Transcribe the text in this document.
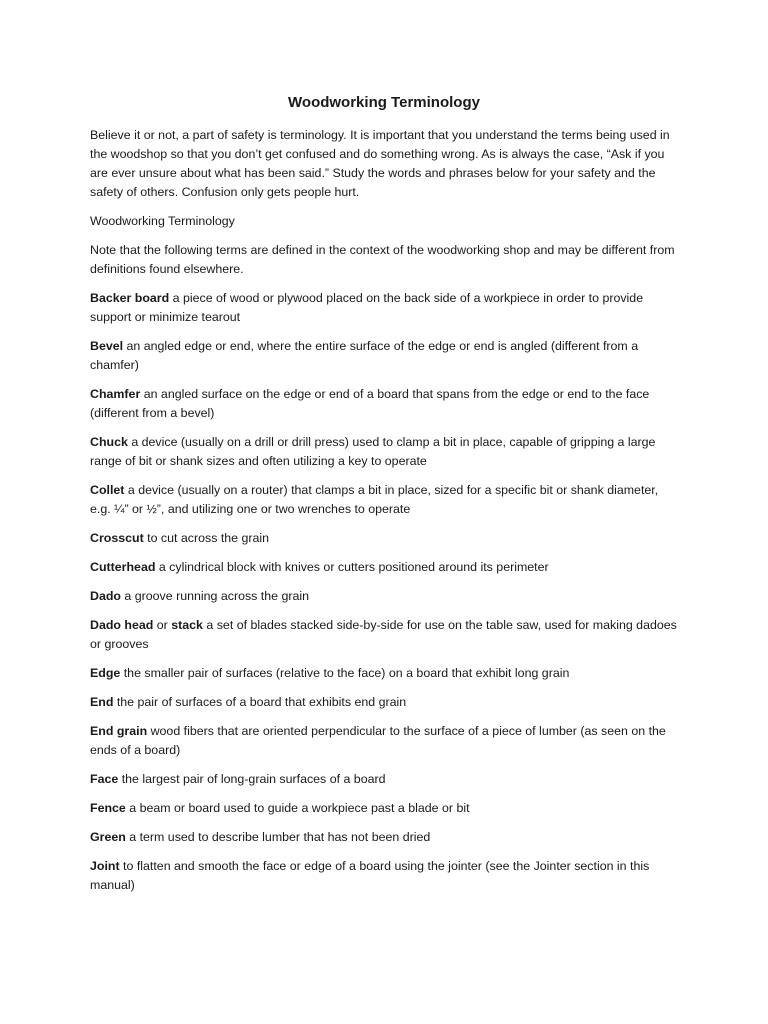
Woodworking Terminology

Believe it or not, a part of safety is terminology. It is important that you understand the terms being used in the woodshop so that you don’t get confused and do something wrong. As is always the case, “Ask if you are ever unsure about what has been said.” Study the words and phrases below for your safety and the safety of others. Confusion only gets people hurt.

Woodworking Terminology

Note that the following terms are defined in the context of the woodworking shop and may be different from definitions found elsewhere.

Backer board a piece of wood or plywood placed on the back side of a workpiece in order to provide support or minimize tearout

Bevel an angled edge or end, where the entire surface of the edge or end is angled (different from a chamfer)

Chamfer an angled surface on the edge or end of a board that spans from the edge or end to the face (different from a bevel)

Chuck a device (usually on a drill or drill press) used to clamp a bit in place, capable of gripping a large range of bit or shank sizes and often utilizing a key to operate

Collet a device (usually on a router) that clamps a bit in place, sized for a specific bit or shank diameter, e.g. ¼” or ½”, and utilizing one or two wrenches to operate

Crosscut to cut across the grain

Cutterhead a cylindrical block with knives or cutters positioned around its perimeter

Dado a groove running across the grain

Dado head or stack a set of blades stacked side-by-side for use on the table saw, used for making dadoes or grooves

Edge the smaller pair of surfaces (relative to the face) on a board that exhibit long grain

End the pair of surfaces of a board that exhibits end grain

End grain wood fibers that are oriented perpendicular to the surface of a piece of lumber (as seen on the ends of a board)

Face the largest pair of long-grain surfaces of a board

Fence a beam or board used to guide a workpiece past a blade or bit

Green a term used to describe lumber that has not been dried

Joint to flatten and smooth the face or edge of a board using the jointer (see the Jointer section in this manual)
